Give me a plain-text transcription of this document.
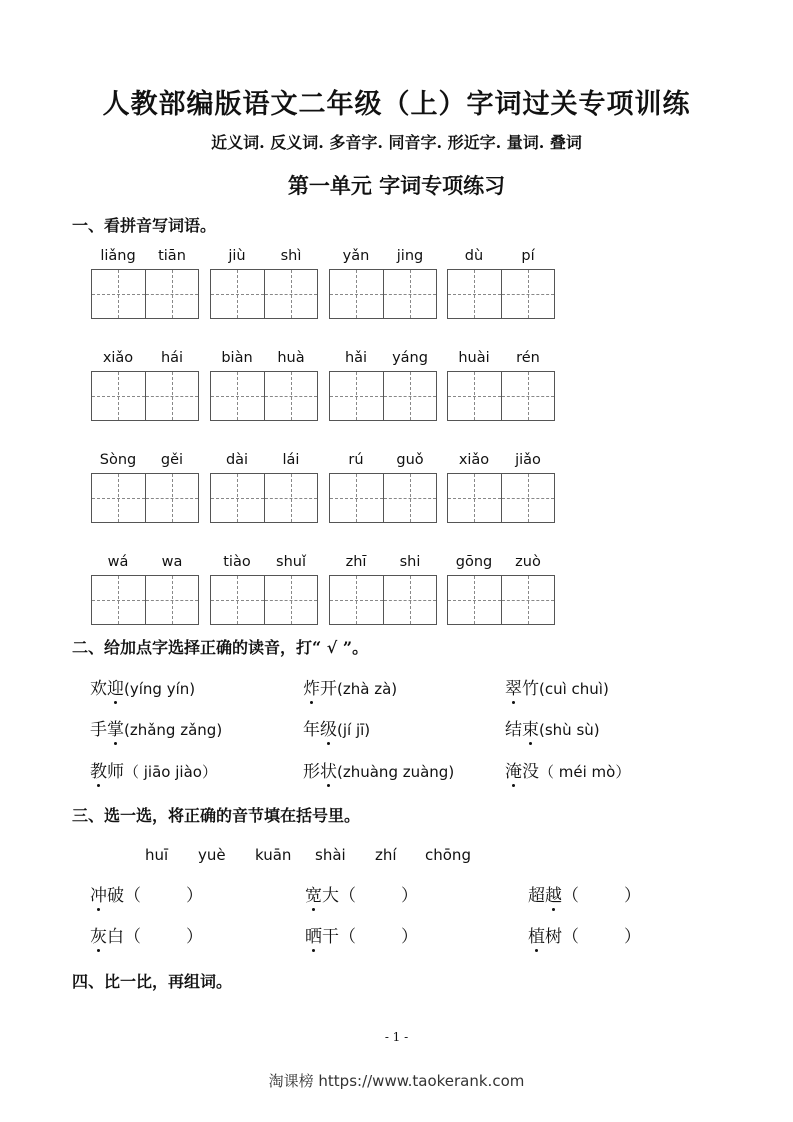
人教部编版语文二年级（上）字词过关专项训练
近义词. 反义词. 多音字. 同音字. 形近字. 量词. 叠词
第一单元 字词专项练习
一、看拼音写词语。
liǎng	tiān	jiù	shì	yǎn	jing	dù	pí
xiǎo	hái	biàn	huà	hǎi	yáng	huài	rén
Sòng	gěi	dài	lái	rú	guǒ	xiǎo	jiǎo
wá	wa	tiào	shuǐ	zhī	shi	gōng	zuò
二、给加点字选择正确的读音，打“ √ ”。
欢迎(yíng yín)	炸开(zhà zà)	翠竹(cuì chuì)
手掌(zhǎng zǎng)	年级(jí jī)	结束(shù sù)
教师（ jiāo jiào）	形状(zhuàng zuàng)	淹没（ méi mò）
三、选一选，将正确的音节填在括号里。
huī yuè kuān shài zhí chōng
冲破（	）	宽大（	）	超越（	）
灰白（	）	晒干（	）	植树（	）
四、比一比，再组词。
- 1 -
淘课榜 https://www.taokerank.com
